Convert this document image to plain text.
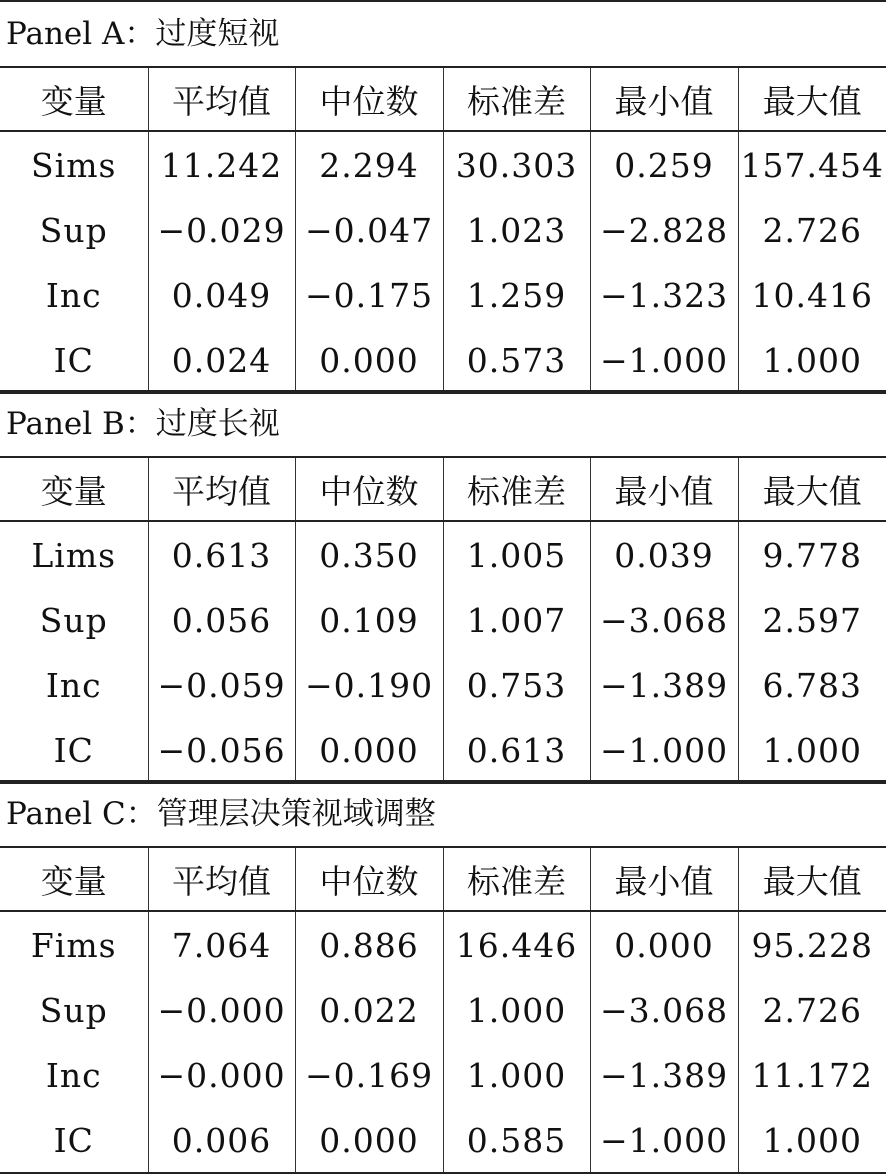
Panel A：过度短视
变量	平均值	中位数	标准差	最小值	最大值
Sims	11.242	2.294	30.303	0.259	157.454
Sup	−0.029	−0.047	1.023	−2.828	2.726
Inc	0.049	−0.175	1.259	−1.323	10.416
IC	0.024	0.000	0.573	−1.000	1.000
Panel B：过度长视
变量	平均值	中位数	标准差	最小值	最大值
Lims	0.613	0.350	1.005	0.039	9.778
Sup	0.056	0.109	1.007	−3.068	2.597
Inc	−0.059	−0.190	0.753	−1.389	6.783
IC	−0.056	0.000	0.613	−1.000	1.000
Panel C：管理层决策视域调整
变量	平均值	中位数	标准差	最小值	最大值
Fims	7.064	0.886	16.446	0.000	95.228
Sup	−0.000	0.022	1.000	−3.068	2.726
Inc	−0.000	−0.169	1.000	−1.389	11.172
IC	0.006	0.000	0.585	−1.000	1.000
